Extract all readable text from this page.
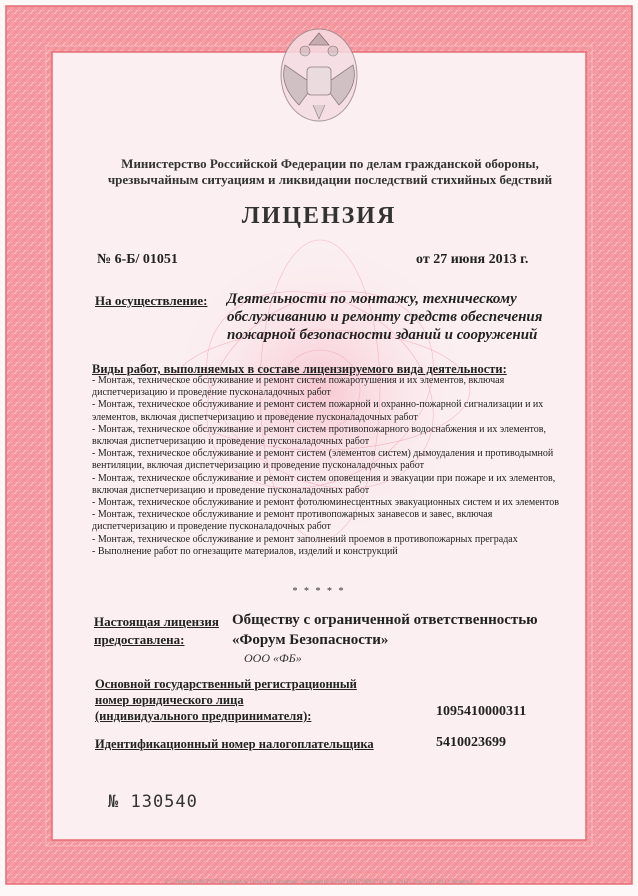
Министерство Российской Федерации по делам гражданской обороны,
чрезвычайным ситуациям и ликвидации последствий стихийных бедствий
ЛИЦЕНЗИЯ
№ 6-Б/ 01051	от 27 июня 2013 г.
На осуществление: Деятельности по монтажу, техническому обслуживанию и ремонту средств обеспечения пожарной безопасности зданий и сооружений
Виды работ, выполняемых в составе лицензируемого вида деятельности:
- Монтаж, техническое обслуживание и ремонт систем пожаротушения и их элементов, включая диспетчеризацию и проведение пусконаладочных работ
- Монтаж, техническое обслуживание и ремонт систем пожарной и охранно-пожарной сигнализации и их элементов, включая диспетчеризацию и проведение пусконаладочных работ
- Монтаж, техническое обслуживание и ремонт систем противопожарного водоснабжения и их элементов, включая диспетчеризацию и проведение пусконаладочных работ
- Монтаж, техническое обслуживание и ремонт систем (элементов систем) дымоудаления и противодымной вентиляции, включая диспетчеризацию и проведение пусконаладочных работ
- Монтаж, техническое обслуживание и ремонт систем оповещения и эвакуации при пожаре и их элементов, включая диспетчеризацию и проведение пусконаладочных работ
- Монтаж, техническое обслуживание и ремонт фотолюминесцентных эвакуационных систем и их элементов
- Монтаж, техническое обслуживание и ремонт противопожарных занавесов и завес, включая диспетчеризацию и проведение пусконаладочных работ
- Монтаж, техническое обслуживание и ремонт заполнений проемов в противопожарных преградах
- Выполнение работ по огнезащите материалов, изделий и конструкций
* * * * *
Настоящая лицензия
предоставлена:
Обществу с ограниченной ответственностью
«Форум Безопасности»
ООО «ФБ»
Основной государственный регистрационный
номер юридического лица
(индивидуального предпринимателя):	1095410000311
Идентификационный номер налогоплательщика	5410023699
№ 130540
© С.-Петербург ФГУП "Типография № 12 им. М.И. Лоханкова". Лицензия 05-Б-2019 ИНН 7806037741. Зак. 156125. Тир. 5150, 2013 г. Уровень В
